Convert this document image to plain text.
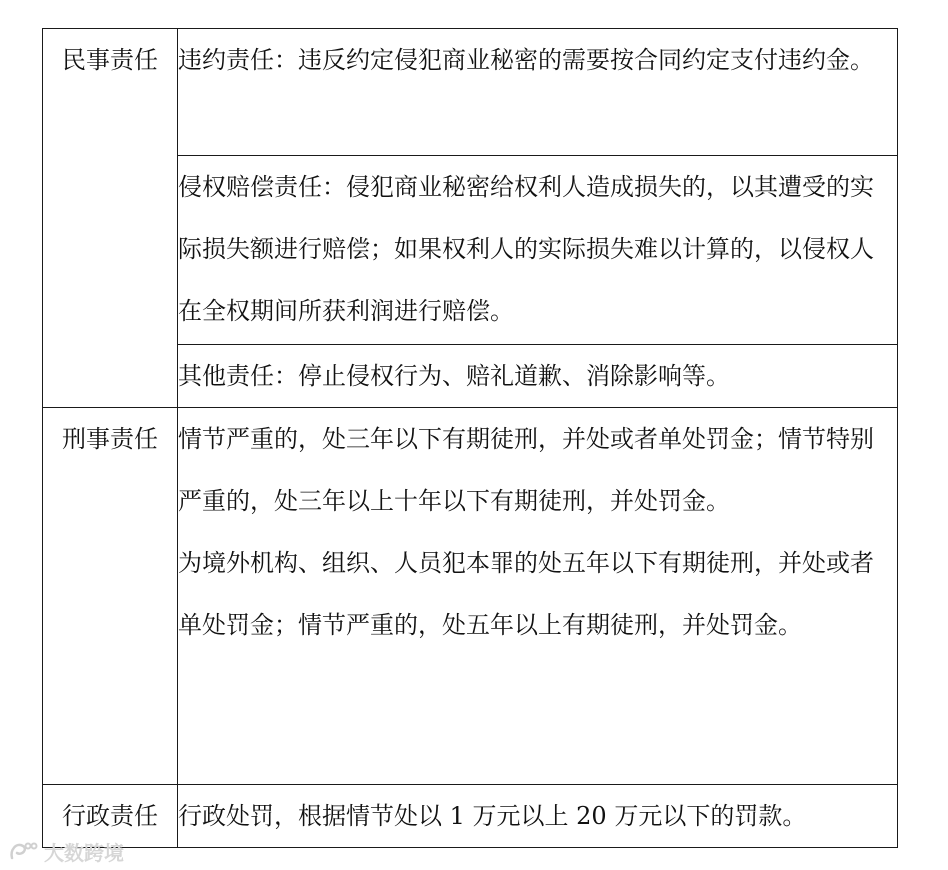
民事责任	违约责任：违反约定侵犯商业秘密的需要按合同约定支付违约金。

	侵权赔偿责任：侵犯商业秘密给权利人造成损失的，以其遭受的实际损失额进行赔偿；如果权利人的实际损失难以计算的，以侵权人在全权期间所获利润进行赔偿。

	其他责任：停止侵权行为、赔礼道歉、消除影响等。

刑事责任	情节严重的，处三年以下有期徒刑，并处或者单处罚金；情节特别严重的，处三年以上十年以下有期徒刑，并处罚金。
为境外机构、组织、人员犯本罪的处五年以下有期徒刑，并处或者单处罚金；情节严重的，处五年以上有期徒刑，并处罚金。

行政责任	行政处罚，根据情节处以 1 万元以上 20 万元以下的罚款。
大数跨境
